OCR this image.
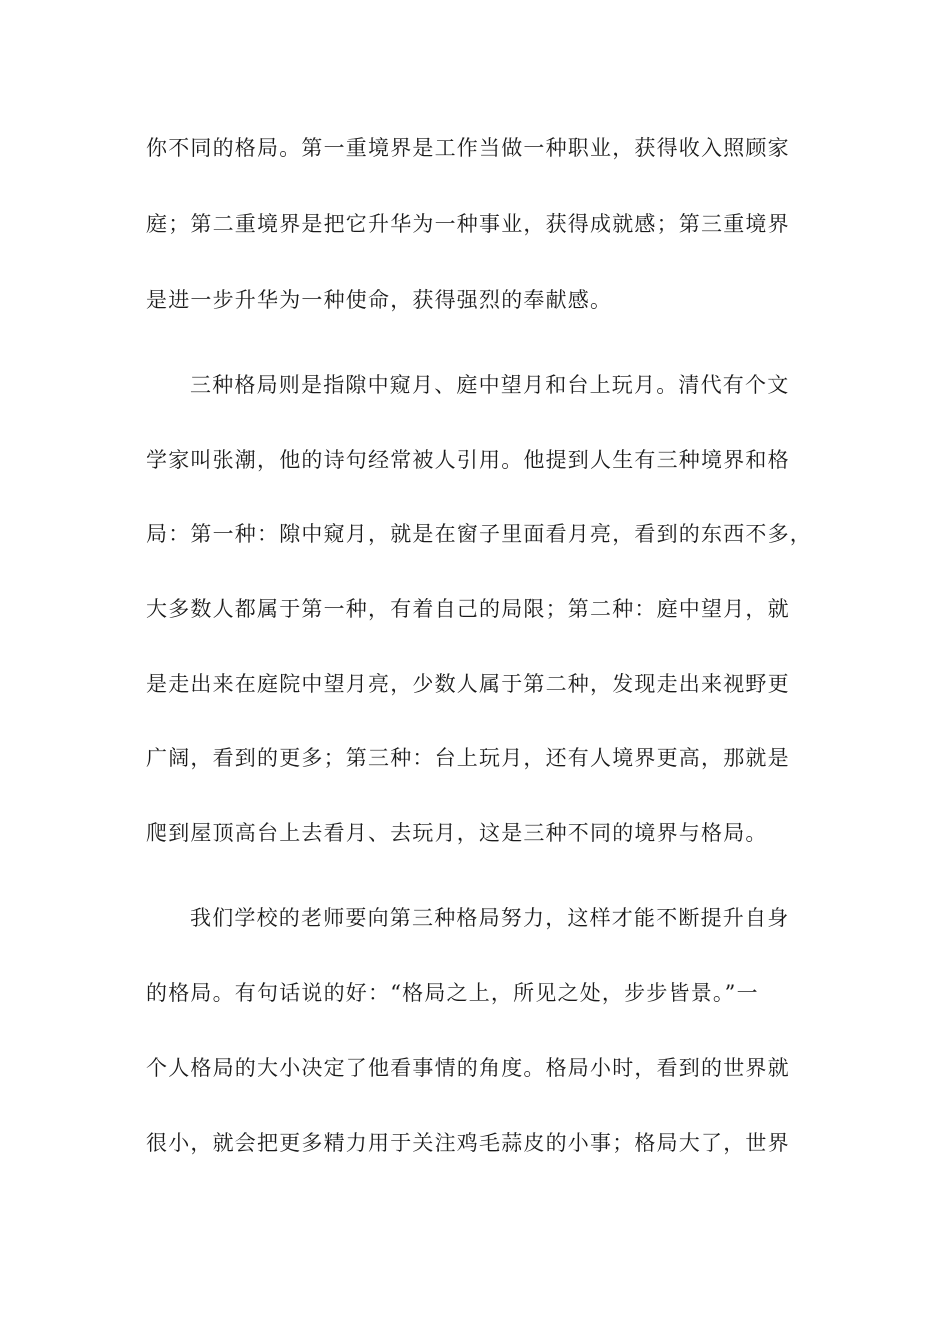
你不同的格局。第一重境界是工作当做一种职业，获得收入照顾家
庭；第二重境界是把它升华为一种事业，获得成就感；第三重境界
是进一步升华为一种使命，获得强烈的奉献感。
三种格局则是指隙中窥月、庭中望月和台上玩月。清代有个文
学家叫张潮，他的诗句经常被人引用。他提到人生有三种境界和格
局：第一种：隙中窥月，就是在窗子里面看月亮，看到的东西不多，
大多数人都属于第一种，有着自己的局限；第二种：庭中望月，就
是走出来在庭院中望月亮，少数人属于第二种，发现走出来视野更
广阔，看到的更多；第三种：台上玩月，还有人境界更高，那就是
爬到屋顶高台上去看月、去玩月，这是三种不同的境界与格局。
我们学校的老师要向第三种格局努力，这样才能不断提升自身
的格局。有句话说的好：“格局之上，所见之处，步步皆景。”一
个人格局的大小决定了他看事情的角度。格局小时，看到的世界就
很小，就会把更多精力用于关注鸡毛蒜皮的小事；格局大了，世界
